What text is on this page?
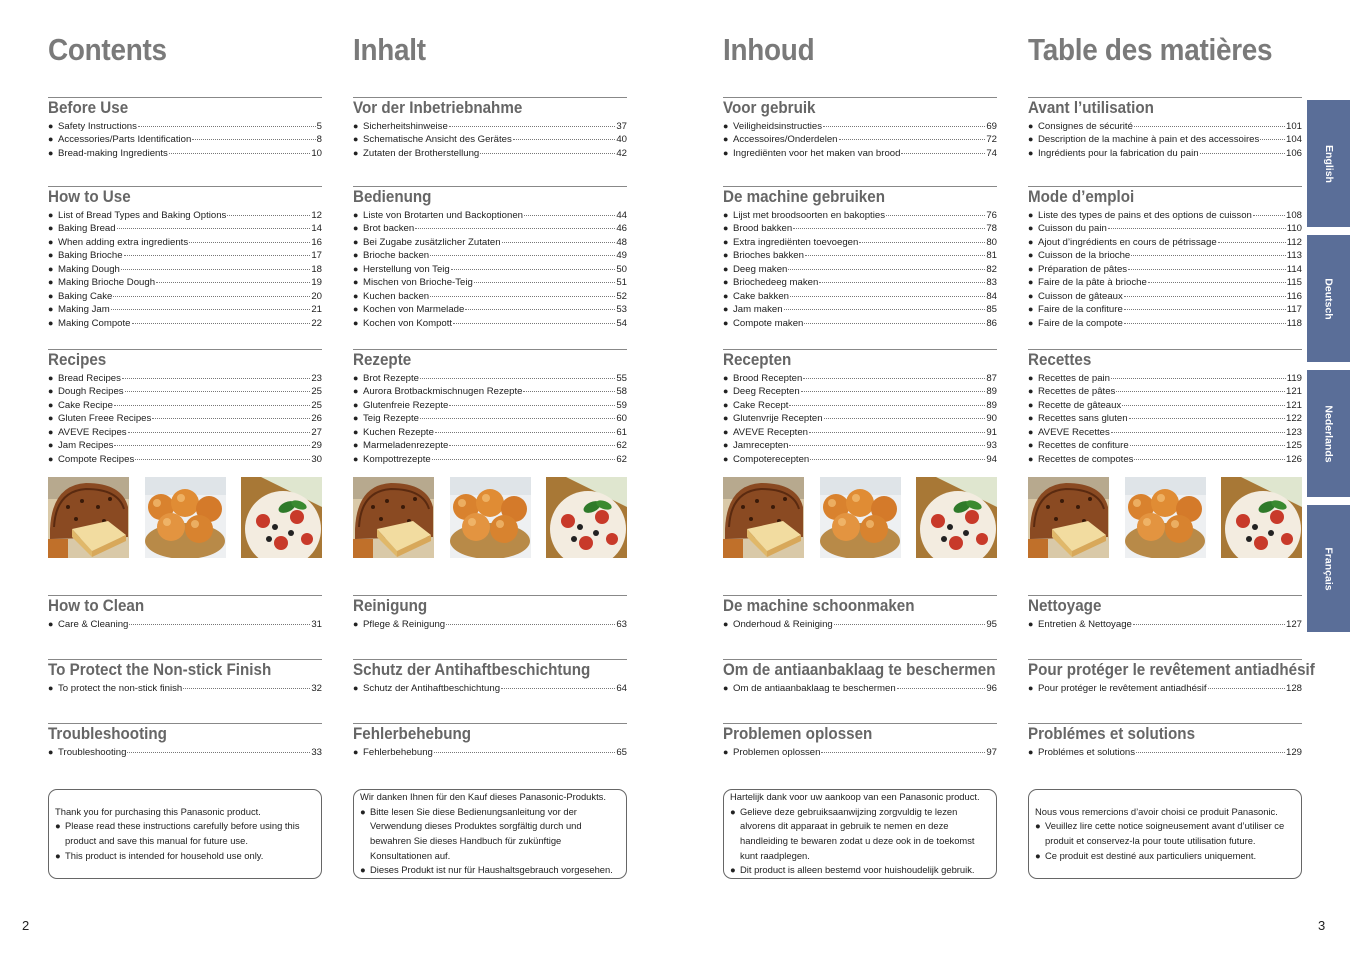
Contents
Before Use
● Safety Instructions	5
● Accessories/Parts Identification	8
● Bread-making Ingredients	10
How to Use
● List of Bread Types and Baking Options	12
● Baking Bread	14
● When adding extra ingredients	16
● Baking Brioche	17
● Making Dough	18
● Making Brioche Dough	19
● Baking Cake	20
● Making Jam	21
● Making Compote	22
Recipes
● Bread Recipes	23
● Dough Recipes	25
● Cake Recipe	25
● Gluten Freee Recipes	26
● AVEVE Recipes	27
● Jam Recipes	29
● Compote Recipes	30
How to Clean
● Care & Cleaning	31
To Protect the Non-stick Finish
● To protect the non-stick finish	32
Troubleshooting
● Troubleshooting	33

Thank you for purchasing this Panasonic product.

● Please read these instructions carefully before using this product and save this manual for future use.

● This product is intended for household use only.

Inhalt
Vor der Inbetriebnahme
● Sicherheitshinweise	37
● Schematische Ansicht des Gerätes	40
● Zutaten der Brotherstellung	42
Bedienung
● Liste von Brotarten und Backoptionen	44
● Brot backen	46
● Bei Zugabe zusätzlicher Zutaten	48
● Brioche backen	49
● Herstellung von Teig	50
● Mischen von Brioche-Teig	51
● Kuchen backen	52
● Kochen von Marmelade	53
● Kochen von Kompott	54
Rezepte
● Brot Rezepte	55
● Aurora Brotbackmischnugen Rezepte	58
● Glutenfreie Rezepte	59
● Teig Rezepte	60
● Kuchen Rezepte	61
● Marmeladenrezepte	62
● Kompottrezepte	62
Reinigung
● Pflege & Reinigung	63
Schutz der Antihaftbeschichtung
● Schutz der Antihaftbeschichtung	64
Fehlerbehebung
● Fehlerbehebung	65

Wir danken Ihnen für den Kauf dieses Panasonic-Produkts.

● Bitte lesen Sie diese Bedienungsanleitung vor der Verwendung dieses Produktes sorgfältig durch und bewahren Sie dieses Handbuch für zukünftige Konsultationen auf.

● Dieses Produkt ist nur für Haushaltsgebrauch vorgesehen.

Inhoud
Voor gebruik
● Veiligheidsinstructies	69
● Accessoires/Onderdelen	72
● Ingrediënten voor het maken van brood	74
De machine gebruiken
● Lijst met broodsoorten en bakopties	76
● Brood bakken	78
● Extra ingrediënten toevoegen	80
● Brioches bakken	81
● Deeg maken	82
● Briochedeeg maken	83
● Cake bakken	84
● Jam maken	85
● Compote maken	86
Recepten
● Brood Recepten	87
● Deeg Recepten	89
● Cake Recept	89
● Glutenvrije Recepten	90
● AVEVE Recepten	91
● Jamrecepten	93
● Compoterecepten	94
De machine schoonmaken
● Onderhoud & Reiniging	95
Om de antiaanbaklaag te beschermen
● Om de antiaanbaklaag te beschermen	96
Problemen oplossen
● Problemen oplossen	97

Hartelijk dank voor uw aankoop van een Panasonic product.

● Gelieve deze gebruiksaanwijzing zorgvuldig te lezen alvorens dit apparaat in gebruik te nemen en deze handleiding te bewaren zodat u deze ook in de toekomst kunt raadplegen.

● Dit product is alleen bestemd voor huishoudelijk gebruik.

Table des matières
Avant l’utilisation
● Consignes de sécurité	101
● Description de la machine à pain et des accessoires	104
● Ingrédients pour la fabrication du pain	106
Mode d’emploi
● Liste des types de pains et des options de cuisson	108
● Cuisson du pain	110
● Ajout d’ingrédients en cours de pétrissage	112
● Cuisson de la brioche	113
● Préparation de pâtes	114
● Faire de la pâte à brioche	115
● Cuisson de gâteaux	116
● Faire de la confiture	117
● Faire de la compote	118
Recettes
● Recettes de pain	119
● Recettes de pâtes	121
● Recette de gâteaux	121
● Recettes sans gluten	122
● AVEVE Recettes	123
● Recettes de confiture	125
● Recettes de compotes	126
Nettoyage
● Entretien & Nettoyage	127
Pour protéger le revêtement antiadhésif
● Pour protéger le revêtement antiadhésif	128
Problémes et solutions
● Problémes et solutions	129

Nous vous remercions d’avoir choisi ce produit Panasonic.

● Veuillez lire cette notice soigneusement avant d’utiliser ce produit et conservez-la pour toute utilisation future.

● Ce produit est destiné aux particuliers uniquement.

English
Deutsch
Nederlands
Français
2	3
